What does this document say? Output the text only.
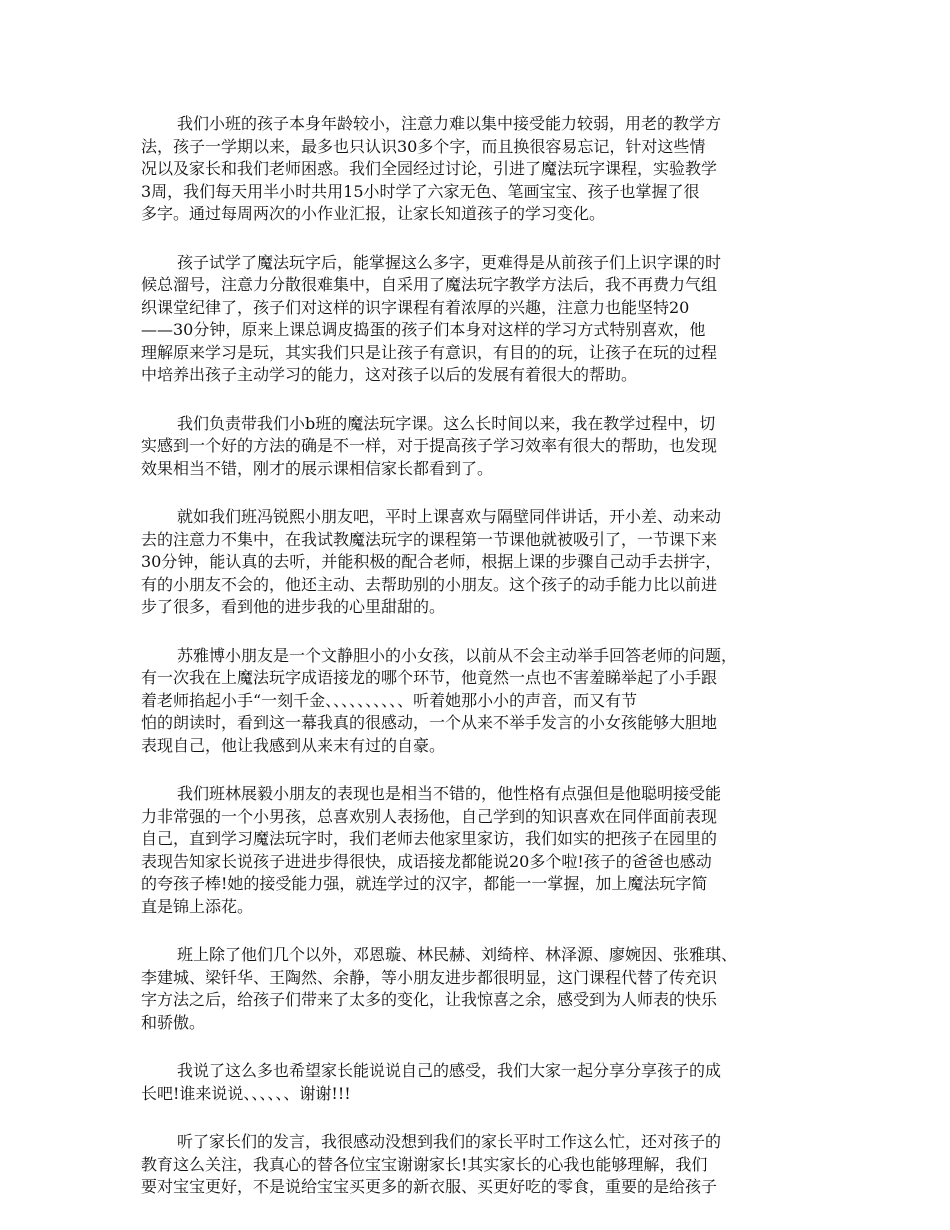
我们小班的孩子本身年龄较小，注意力难以集中接受能力较弱，用老的教学方
法，孩子一学期以来，最多也只认识30多个字，而且换很容易忘记，针对这些情
况以及家长和我们老师困惑。我们全园经过讨论，引进了魔法玩字课程，实验教学
3周，我们每天用半小时共用15小时学了六家无色、笔画宝宝、孩子也掌握了很
多字。通过每周两次的小作业汇报，让家长知道孩子的学习变化。
孩子试学了魔法玩字后，能掌握这么多字，更难得是从前孩子们上识字课的时
候总溜号，注意力分散很难集中，自采用了魔法玩字教学方法后，我不再费力气组
织课堂纪律了，孩子们对这样的识字课程有着浓厚的兴趣，注意力也能坚特20
——30分钟，原来上课总调皮捣蛋的孩子们本身对这样的学习方式特别喜欢，他
理解原来学习是玩，其实我们只是让孩子有意识，有目的的玩，让孩子在玩的过程
中培养出孩子主动学习的能力，这对孩子以后的发展有着很大的帮助。
我们负责带我们小b班的魔法玩字课。这么长时间以来，我在教学过程中，切
实感到一个好的方法的确是不一样，对于提高孩子学习效率有很大的帮助，也发现
效果相当不错，刚才的展示课相信家长都看到了。
就如我们班冯锐熙小朋友吧，平时上课喜欢与隔壁同伴讲话，开小差、动来动
去的注意力不集中，在我试教魔法玩字的课程第一节课他就被吸引了，一节课下来
30分钟，能认真的去听，并能积极的配合老师，根据上课的步骤自己动手去拼字，
有的小朋友不会的，他还主动、去帮助别的小朋友。这个孩子的动手能力比以前进
步了很多，看到他的进步我的心里甜甜的。
苏雅博小朋友是一个文静胆小的小女孩，以前从不会主动举手回答老师的问题，
有一次我在上魔法玩字成语接龙的哪个环节，他竟然一点也不害羞睇举起了小手跟
着老师掐起小手“一刻千金、、、、、、、、、、听着她那小小的声音，而又有节
怕的朗读时，看到这一幕我真的很感动，一个从来不举手发言的小女孩能够大胆地
表现自己，他让我感到从来末有过的自豪。
我们班林展毅小朋友的表现也是相当不错的，他性格有点强但是他聪明接受能
力非常强的一个小男孩，总喜欢别人表扬他，自己学到的知识喜欢在同伴面前表现
自己，直到学习魔法玩字时，我们老师去他家里家访，我们如实的把孩子在园里的
表现告知家长说孩子进进步得很快，成语接龙都能说20多个啦!孩子的爸爸也感动
的夸孩子棒!她的接受能力强，就连学过的汉字，都能一一掌握，加上魔法玩字简
直是锦上添花。
班上除了他们几个以外，邓恩璇、林民赫、刘绮梓、林泽源、廖婉因、张雅琪、
李建城、梁钎华、王陶然、余静，等小朋友进步都很明显，这门课程代替了传充识
字方法之后，给孩子们带来了太多的变化，让我惊喜之余，感受到为人师表的快乐
和骄傲。
我说了这么多也希望家长能说说自己的感受，我们大家一起分享分享孩子的成
长吧!谁来说说、、、、、、谢谢!!!
听了家长们的发言，我很感动没想到我们的家长平时工作这么忙，还对孩子的
教育这么关注，我真心的替各位宝宝谢谢家长!其实家长的心我也能够理解，我们
要对宝宝更好，不是说给宝宝买更多的新衣服、买更好吃的零食，重要的是给孩子
